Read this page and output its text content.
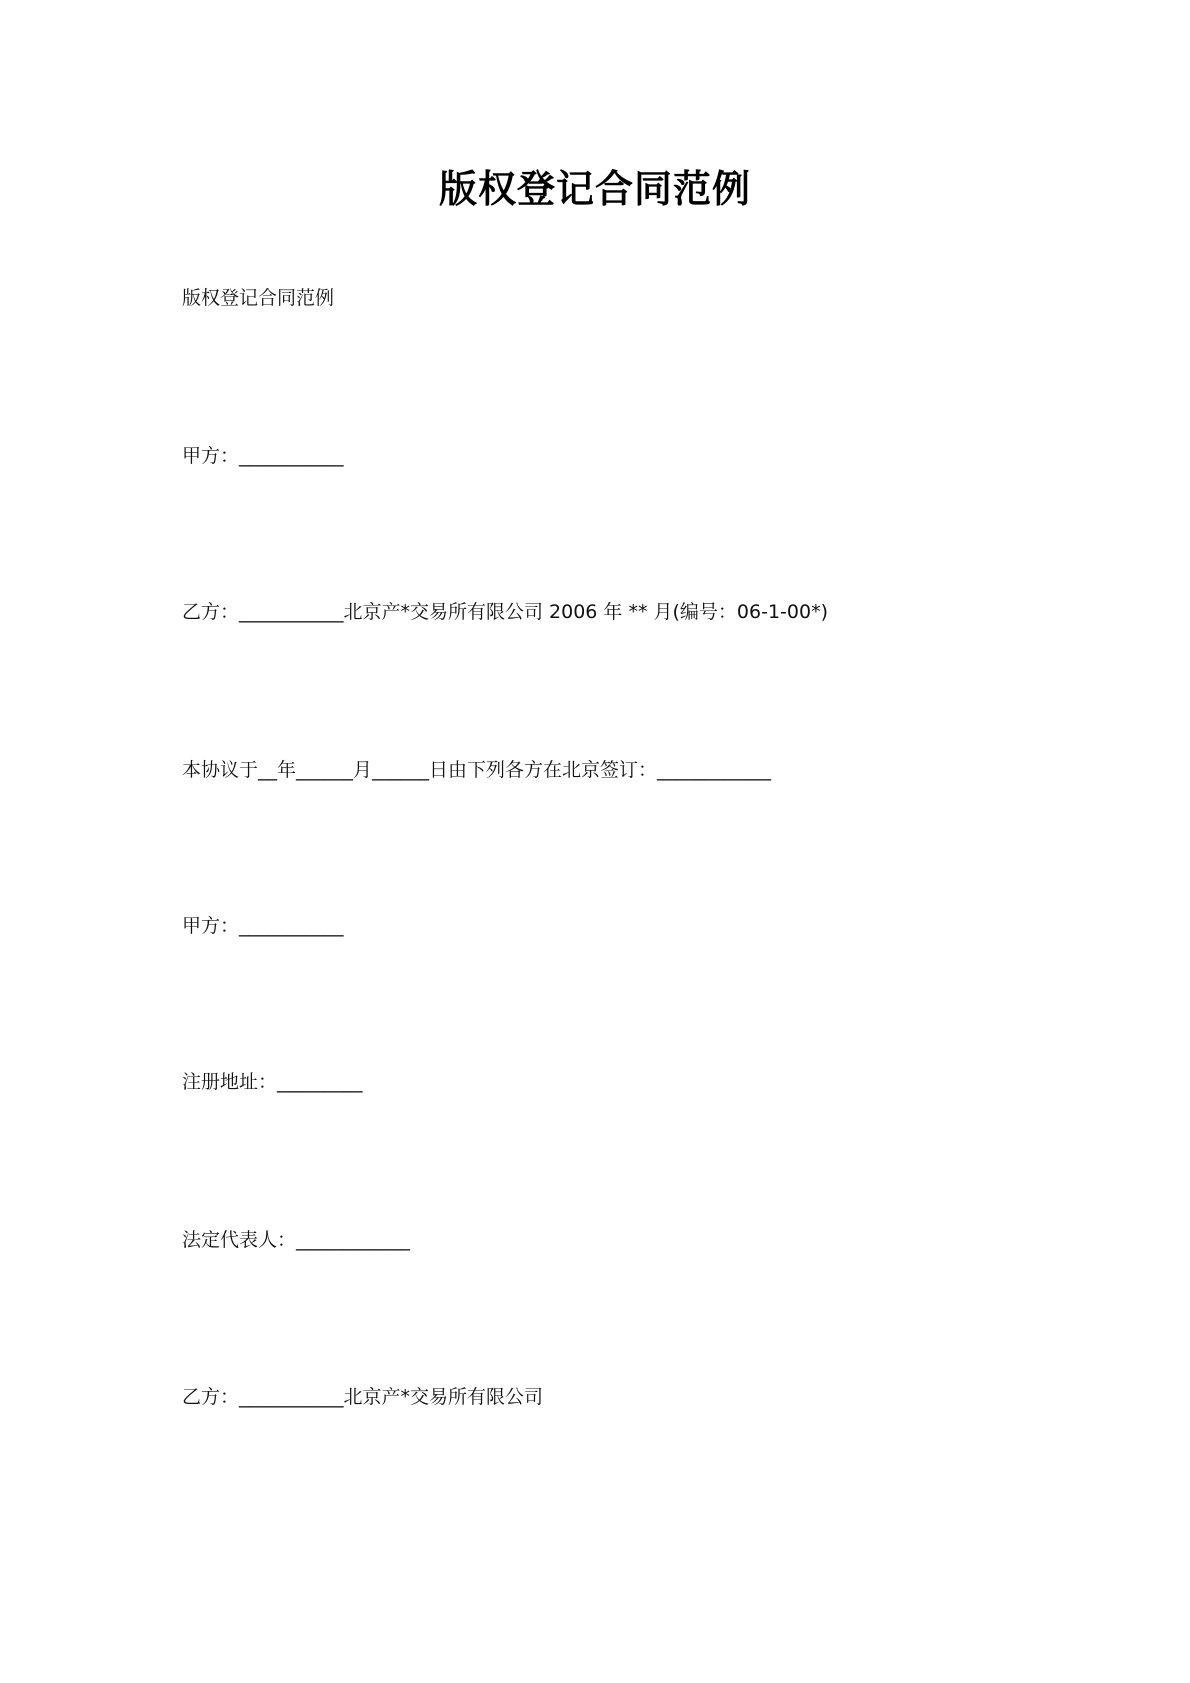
版权登记合同范例
版权登记合同范例
甲方：___________
乙方：___________北京产*交易所有限公司 2006 年 ** 月(编号：06-1-00*)
本协议于__年______月______日由下列各方在北京签订：____________
甲方：___________
注册地址：_________
法定代表人：____________
乙方：___________北京产*交易所有限公司
